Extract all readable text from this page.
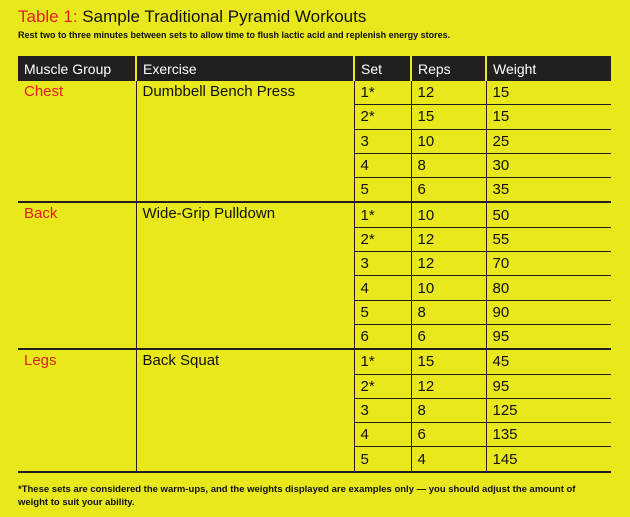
Table 1: Sample Traditional Pyramid Workouts
Rest two to three minutes between sets to allow time to flush lactic acid and replenish energy stores.
Muscle Group	Exercise	Set	Reps	Weight
Chest	Dumbbell Bench Press	1*	12	15
		2*	15	15
		3	10	25
		4	8	30
		5	6	35
Back	Wide-Grip Pulldown	1*	10	50
		2*	12	55
		3	12	70
		4	10	80
		5	8	90
		6	6	95
Legs	Back Squat	1*	15	45
		2*	12	95
		3	8	125
		4	6	135
		5	4	145
*These sets are considered the warm-ups, and the weights displayed are examples only — you should adjust the amount of weight to suit your ability.
